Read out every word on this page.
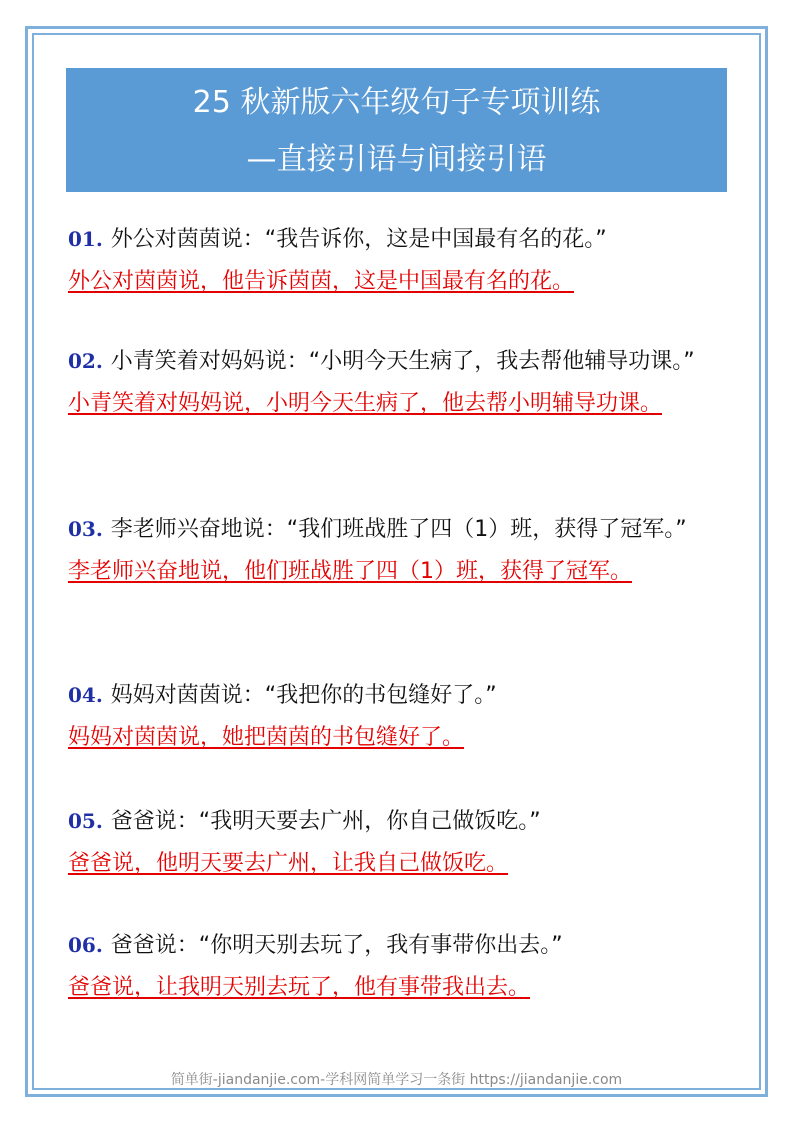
25 秋新版六年级句子专项训练
—直接引语与间接引语
01. 外公对茵茵说：“我告诉你，这是中国最有名的花。”
外公对茵茵说，他告诉茵茵，这是中国最有名的花。
02. 小青笑着对妈妈说：“小明今天生病了，我去帮他辅导功课。”
小青笑着对妈妈说，小明今天生病了，他去帮小明辅导功课。
03. 李老师兴奋地说：“我们班战胜了四（1）班，获得了冠军。”
李老师兴奋地说，他们班战胜了四（1）班，获得了冠军。
04. 妈妈对茵茵说：“我把你的书包缝好了。”
妈妈对茵茵说，她把茵茵的书包缝好了。
05. 爸爸说：“我明天要去广州，你自己做饭吃。”
爸爸说，他明天要去广州，让我自己做饭吃。
06. 爸爸说：“你明天别去玩了，我有事带你出去。”
爸爸说，让我明天别去玩了，他有事带我出去。
简单街-jiandanjie.com-学科网简单学习一条街 https://jiandanjie.com
